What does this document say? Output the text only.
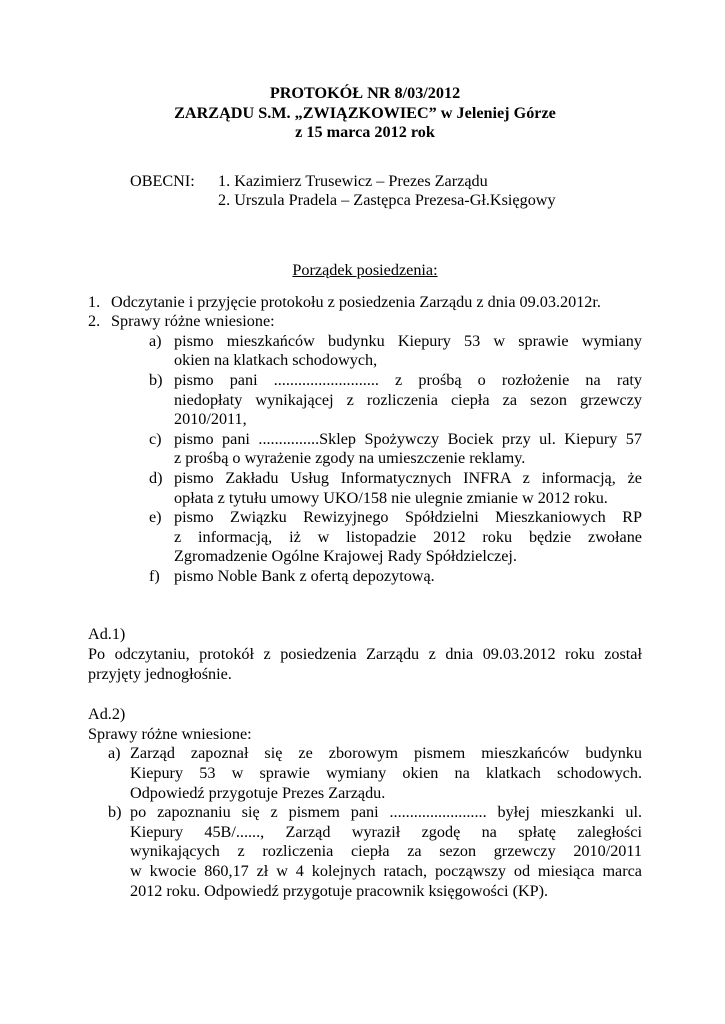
PROTOKÓŁ NR 8/03/2012
ZARZĄDU S.M. „ZWIĄZKOWIEC” w Jeleniej Górze
z 15 marca 2012 rok
OBECNI:	1. Kazimierz Trusewicz – Prezes Zarządu
2. Urszula Pradela – Zastępca Prezesa-Gł.Księgowy
Porządek posiedzenia:
1. Odczytanie i przyjęcie protokołu z posiedzenia Zarządu z dnia 09.03.2012r.
2. Sprawy różne wniesione:
a) pismo mieszkańców budynku Kiepury 53 w sprawie wymiany
okien na klatkach schodowych,
b) pismo pani .......................... z prośbą o rozłożenie na raty
niedopłaty wynikającej z rozliczenia ciepła za sezon grzewczy
2010/2011,
c) pismo pani ...............Sklep Spożywczy Bociek przy ul. Kiepury 57
z prośbą o wyrażenie zgody na umieszczenie reklamy.
d) pismo Zakładu Usług Informatycznych INFRA z informacją, że
opłata z tytułu umowy UKO/158 nie ulegnie zmianie w 2012 roku.
e) pismo Związku Rewizyjnego Spółdzielni Mieszkaniowych RP
z informacją, iż w listopadzie 2012 roku będzie zwołane
Zgromadzenie Ogólne Krajowej Rady Spółdzielczej.
f) pismo Noble Bank z ofertą depozytową.
Ad.1)
Po odczytaniu, protokół z posiedzenia Zarządu z dnia 09.03.2012 roku został
przyjęty jednogłośnie.
Ad.2)
Sprawy różne wniesione:
a) Zarząd zapoznał się ze zborowym pismem mieszkańców budynku
Kiepury 53 w sprawie wymiany okien na klatkach schodowych.
Odpowiedź przygotuje Prezes Zarządu.
b) po zapoznaniu się z pismem pani ........................ byłej mieszkanki ul.
Kiepury 45B/......, Zarząd wyraził zgodę na spłatę zaległości
wynikających z rozliczenia ciepła za sezon grzewczy 2010/2011
w kwocie 860,17 zł w 4 kolejnych ratach, począwszy od miesiąca marca
2012 roku. Odpowiedź przygotuje pracownik księgowości (KP).
